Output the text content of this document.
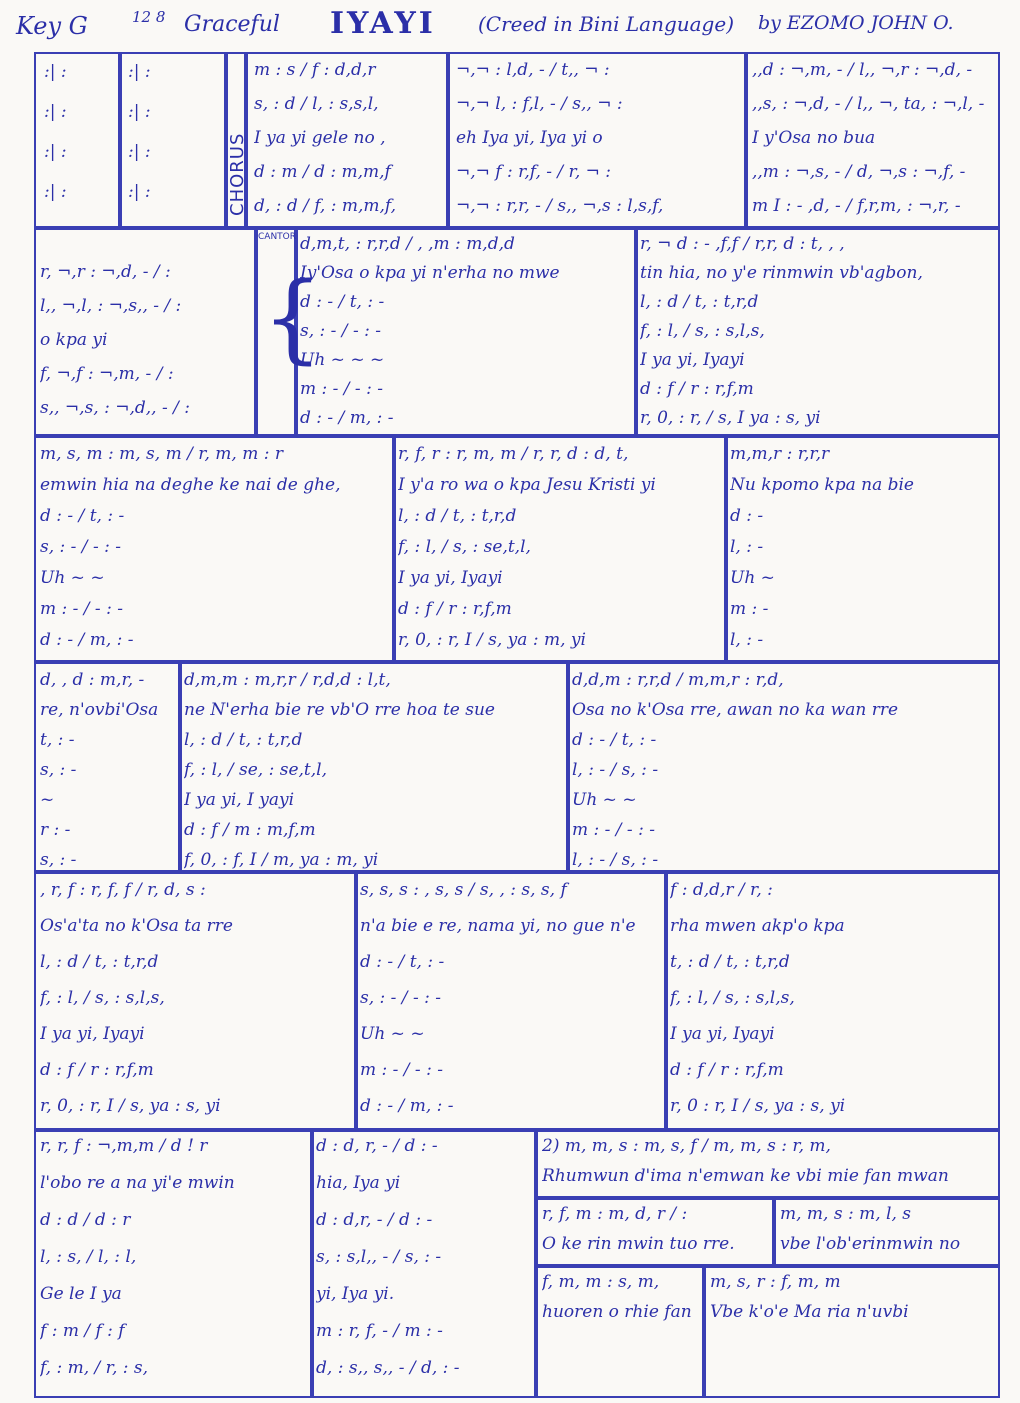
Key G	12 8 Graceful IYAYI (Creed in Bini Language) by EZOMO JOHN O.
CHORUS
CANTOR
{
:| :
:| :
:| :
:| :
:| :
:| :
:| :
:| :
m : s / f : d,d,r
s, : d / l, : s,s,l,
I ya yi gele no ,
d : m / d : m,m,f
d, : d / f, : m,m,f,
¬,¬ : l,d, - / t,, ¬ :
¬,¬ l, : f,l, - / s,, ¬ :
eh Iya yi, Iya yi o
¬,¬ f : r,f, - / r, ¬ :
¬,¬ : r,r, - / s,, ¬,s : l,s,f,
,,d : ¬,m, - / l,, ¬,r : ¬,d, -
,,s, : ¬,d, - / l,, ¬, ta, : ¬,l, -
I y'Osa no bua
,,m : ¬,s, - / d, ¬,s : ¬,f, -
m I : - ,d, - / f,r,m, : ¬,r, -
r, ¬,r : ¬,d, - / :
l,, ¬,l, : ¬,s,, - / :
o kpa yi
f, ¬,f : ¬,m, - / :
s,, ¬,s, : ¬,d,, - / :
d,m,t, : r,r,d / , ,m : m,d,d
Iy'Osa o kpa yi n'erha no mwe
d : - / t, : -
s, : - / - : -
Uh ~ ~ ~
m : - / - : -
d : - / m, : -
r, ¬ d : - ,f,f / r,r, d : t, , ,
tin hia, no y'e rinmwin vb'agbon,
l, : d / t, : t,r,d
f, : l, / s, : s,l,s,
I ya yi, Iyayi
d : f / r : r,f,m
r, 0, : r, / s, I ya : s, yi
m, s, m : m, s, m / r, m, m : r
emwin hia na deghe ke nai de ghe,
d : - / t, : -
s, : - / - : -
Uh ~ ~
m : - / - : -
d : - / m, : -
r, f, r : r, m, m / r, r, d : d, t,
I y'a ro wa o kpa Jesu Kristi yi
l, : d / t, : t,r,d
f, : l, / s, : se,t,l,
I ya yi, Iyayi
d : f / r : r,f,m
r, 0, : r, I / s, ya : m, yi
m,m,r : r,r,r
Nu kpomo kpa na bie
d : -
l, : -
Uh ~
m : -
l, : -
d, , d : m,r, -
re, n'ovbi'Osa
t, : -
s, : -
~
r : -
s, : -
d,m,m : m,r,r / r,d,d : l,t,
ne N'erha bie re vb'O rre hoa te sue
l, : d / t, : t,r,d
f, : l, / se, : se,t,l,
I ya yi, I yayi
d : f / m : m,f,m
f, 0, : f, I / m, ya : m, yi
d,d,m : r,r,d / m,m,r : r,d,
Osa no k'Osa rre, awan no ka wan rre
d : - / t, : -
l, : - / s, : -
Uh ~ ~
m : - / - : -
l, : - / s, : -
, r, f : r, f, f / r, d, s :
Os'a'ta no k'Osa ta rre
l, : d / t, : t,r,d
f, : l, / s, : s,l,s,
I ya yi, Iyayi
d : f / r : r,f,m
r, 0, : r, I / s, ya : s, yi
s, s, s : , s, s / s, , : s, s, f
n'a bie e re, nama yi, no gue n'e
d : - / t, : -
s, : - / - : -
Uh ~ ~
m : - / - : -
d : - / m, : -
f : d,d,r / r, :
rha mwen akp'o kpa
t, : d / t, : t,r,d
f, : l, / s, : s,l,s,
I ya yi, Iyayi
d : f / r : r,f,m
r, 0 : r, I / s, ya : s, yi
r, r, f : ¬,m,m / d ! r
l'obo re a na yi'e mwin
d : d / d : r
l, : s, / l, : l,
Ge le I ya
f : m / f : f
f, : m, / r, : s,
d : d, r, - / d : -
hia, Iya yi
d : d,r, - / d : -
s, : s,l,, - / s, : -
yi, Iya yi.
m : r, f, - / m : -
d, : s,, s,, - / d, : -
2) m, m, s : m, s, f / m, m, s : r, m,
Rhumwun d'ima n'emwan ke vbi mie fan mwan
r, f, m : m, d, r / :
O ke rin mwin tuo rre.
m, m, s : m, l, s
vbe l'ob'erinmwin no
f, m, m : s, m,
huoren o rhie fan
m, s, r : f, m, m
Vbe k'o'e Ma ria n'uvbi
